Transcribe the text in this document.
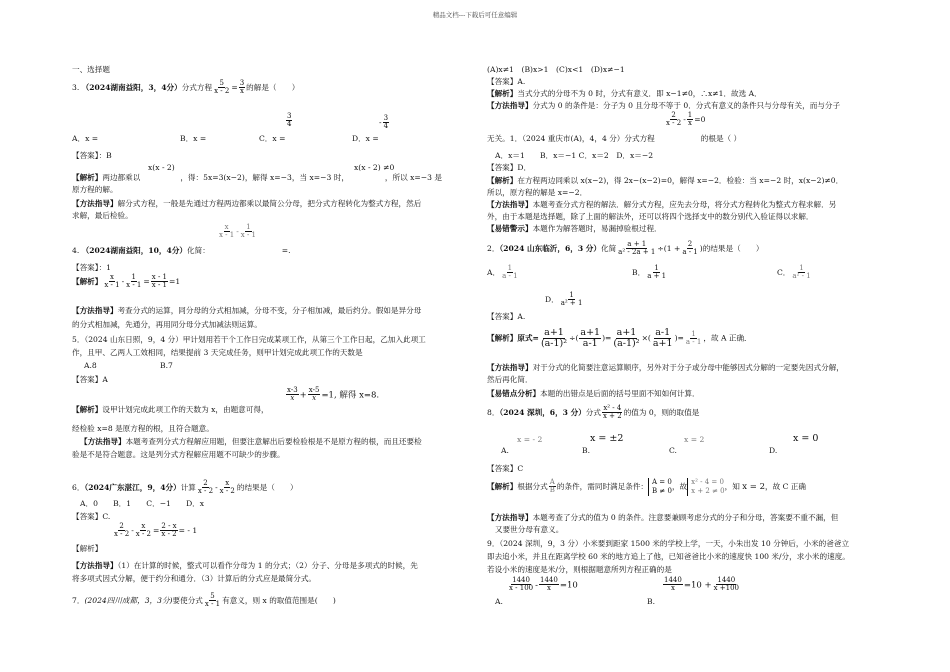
精品文档---下载后可任意编辑
一、选择题
3. （2024湖南益阳，3，4分）分式方程 $\frac{5}{x - 2} = \frac{3}{x}$ 的解是（　　）
$\frac{3}{4}$	- $\frac{3}{4}$
A．x =	B．x =	C．x =	D．x =
【答案】：B
x(x - 2)	x(x - 2) ≠0
【解析】两边都乘以	，得：5x=3(x−2)，解得 x=−3，当 x=−3 时，	，所以 x=−3 是
原方程的解。
【方法指导】解分式方程，一般是先通过方程两边都乘以最简公分母，把分式方程转化为整式方程，然后
求解，最后检验。
$\frac{x}{x - 1} - \frac{1}{x - 1}$
4. （2024湖南益阳，10，4分）化简：	=.
【答案】：1
【解析】 $\frac{x}{x - 1} - \frac{1}{x - 1} = \frac{x - 1}{x - 1} =1$
【方法指导】考查分式的运算，同分母的分式相加减，分母不变，分子相加减，最后约分。假如是异分母
的分式相加减，先通分，再用同分母分式加减法则运算。
5．（2024 山东日照，9，4 分）甲计划用若干个工作日完成某项工作，从第三个工作日起，乙加入此项工
作，且甲、乙两人工效相同，结果提前 3 天完成任务，则甲计划完成此项工作的天数是
A.8	B.7
【答案】A
$\frac{x-3}{x} + \frac{x-5}{x} =1$, 解得 x=8.
【解析】设甲计划完成此项工作的天数为 x，由题意可得，
经检验 x=8 是原方程的根，且符合题意。
【方法指导】本题考查列分式方程解应用题，但要注意解出后要检验根是不是原方程的根，而且还要检
验是不是符合题意。这是列分式方程解应用题不可缺少的步骤。
6．（2024广东湛江，9，4分）计算 $\frac{2}{x - 2} - \frac{x}{x - 2}$ 的结果是（　　）
A．0　　B．1　　C．−1　　D．x
【答案】C.
$\frac{2}{x - 2} - \frac{x}{x - 2} = \frac{2 - x}{x - 2}$ = - 1
【解析】
【方法指导】（1）在计算的时候，整式可以看作分母为 1 的分式；（2）分子、分母是多项式的时候，先
将多项式因式分解，便于约分和通分．（3）计算后的分式应是最简分式。
7．(2024四川成都，3，3分)要使分式 $\frac{5}{x - 1}$ 有意义，则 x 的取值范围是(　　)
(A)x≠1　(B)x>1　(C)x<1　(D)x≠−1
【答案】A.
【解析】当式分式的分母不为 0 时，分式有意义．即 x−1≠0，∴x≠1．故选 A．
【方法指导】分式为 0 的条件是：分子为 0 且分母不等于 0．分式有意义的条件只与分母有关，而与分子
$\frac{2}{x - 2} - \frac{1}{x} =0$
无关。1．（2024 重庆市(A)，4，4 分）分式方程	的根是（ ）
A．x＝1　　B．x＝−1 C．x＝2　D．x＝−2
【答案】D．
【解析】在方程两边同乘以 x(x−2)，得 2x−(x−2)=0，解得 x=−2．检验：当 x=−2 时，x(x−2)≠0．
所以，原方程的解是 x=−2．
【方法指导】本题考查分式方程的解法．解分式方程，应先去分母，将分式方程转化为整式方程求解．另
外，由于本题是选择题，除了上面的解法外，还可以将四个选择支中的数分别代入验证得以求解．
【易错警示】本题作为解答题时，易漏掉验根过程．
2．（2024 山东临沂，6，3 分）化简 $\frac{a + 1}{\text{a² - 2a + 1}} \div(1 + \frac{2}{a - 1}$ )的结果是（　　）
A． $\frac{1}{a - 1}$	B． $\frac{1}{a + 1}$	C． $\frac{1}{\text{a² - 1}}$
D． $\frac{1}{\text{a² + 1}}$
【答案】A.
【解析】原式= $\frac{a+1}{\text{(a-1)²}}$ ÷( $\frac{a+1}{a-1}$ )= $\frac{a+1}{\text{(a-1)²}}$ ×( $\frac{a-1}{a+1}$ )= $\frac{1}{a - 1}$ ，故 A 正确．
【方法指导】对于分式的化简要注意运算顺序，另外对于分子或分母中能够因式分解的一定要先因式分解，
然后再化简．
【易错点分析】本题的出错点是后面的括号里面不知如何计算．
8．（2024 深圳，6，3 分）分式 $\frac{\text{x² - 4}}{x + 2}$ 的值为 0，则的取值是
x = - 2	x = ±2	x = 2	x = 0
A.	B.	C.	D.
【答案】C
【解析】根据分式 $\frac{A}{B}$ 的条件，需同时满足条件： A = 0
B ≠ 0，故 x² - 4 = 0
x + 2 ≠ 0，知 x = 2，故 C 正确
【方法指导】本题考查了分式的值为 0 的条件。注意要兼顾考虑分式的分子和分母，答案要不重不漏，但
又要世分母有意义。
9．（2024 深圳，9，3 分）小米要到距家 1500 米的学校上学，一天，小朱出发 10 分钟后，小米的爸爸立
即去追小米，并且在距离学校 60 米的地方追上了他，已知爸爸比小米的速度快 100 米/分，求小米的速度。
若设小米的速度是米/分，则根据题意所列方程正确的是
$\frac{1440}{x - 100} - \frac{1440}{x} =10$	$\frac{1440}{x} =10 + \frac{1440}{x +100}$
A.	B.
